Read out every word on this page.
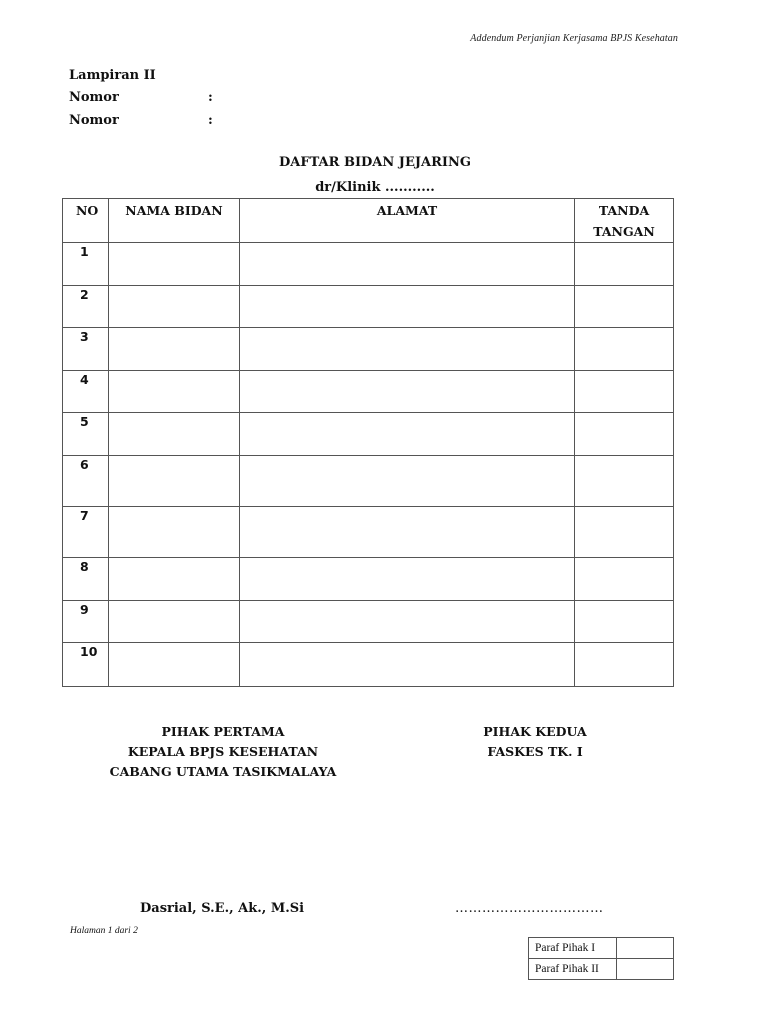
Addendum Perjanjian Kerjasama BPJS Kesehatan
Lampiran II
Nomor	:
Nomor	:
DAFTAR BIDAN JEJARING
dr/Klinik ...........
NO	NAMA BIDAN	ALAMAT	TANDA
TANGAN
1			
2			
3			
4			
5			
6			
7			
8			
9			
10			
PIHAK PERTAMA
KEPALA BPJS KESEHATAN
CABANG UTAMA TASIKMALAYA
PIHAK KEDUA
FASKES TK. I
Dasrial, S.E., Ak., M.Si	……………………………
Halaman 1 dari 2
Paraf Pihak I	
Paraf Pihak II	
